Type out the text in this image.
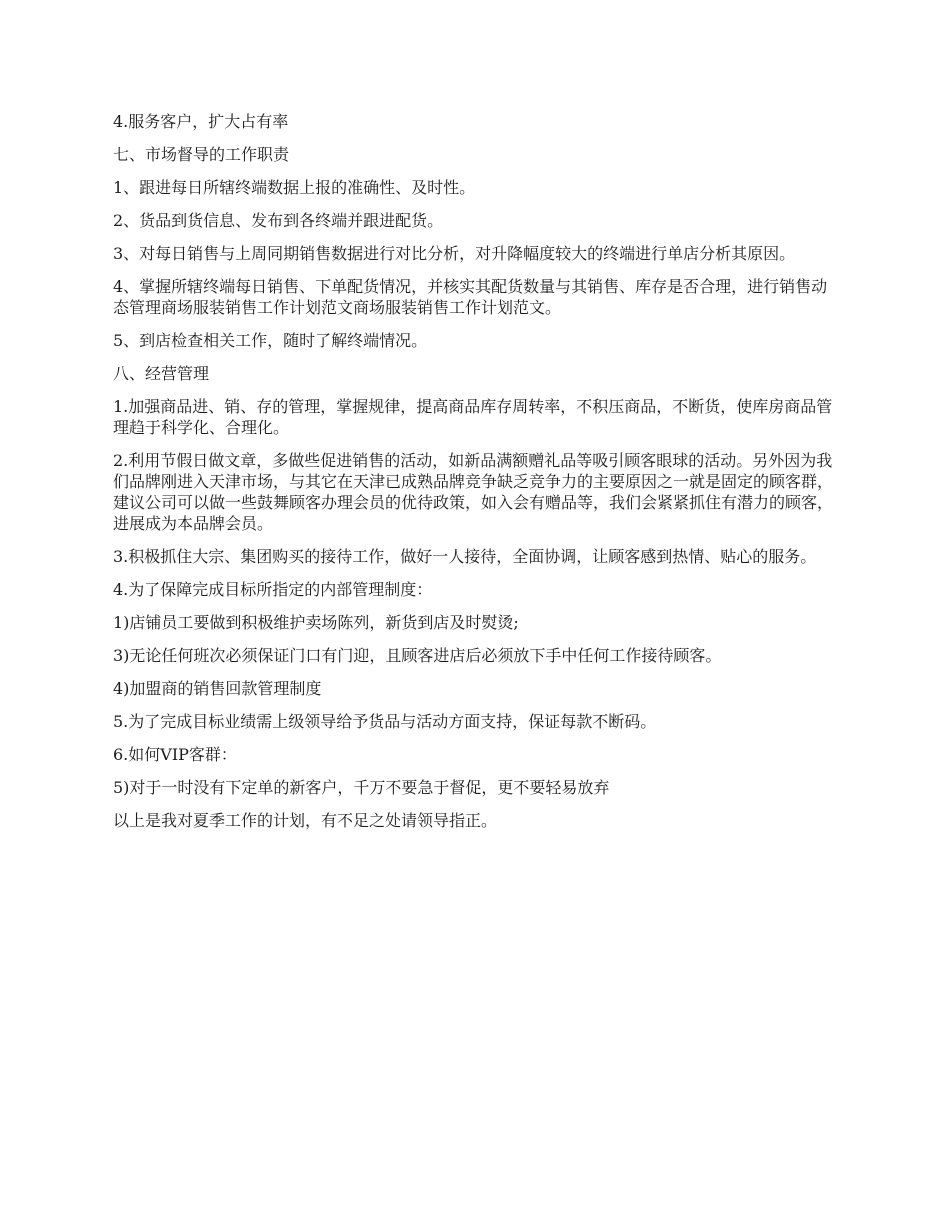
4.服务客户，扩大占有率

七、市场督导的工作职责

1、跟进每日所辖终端数据上报的准确性、及时性。

2、货品到货信息、发布到各终端并跟进配货。

3、对每日销售与上周同期销售数据进行对比分析，对升降幅度较大的终端进行单店分析其原因。

4、掌握所辖终端每日销售、下单配货情况，并核实其配货数量与其销售、库存是否合理，进行销售动态管理商场服装销售工作计划范文商场服装销售工作计划范文。

5、到店检查相关工作，随时了解终端情况。

八、经营管理

1.加强商品进、销、存的管理，掌握规律，提高商品库存周转率，不积压商品，不断货，使库房商品管理趋于科学化、合理化。

2.利用节假日做文章，多做些促进销售的活动，如新品满额赠礼品等吸引顾客眼球的活动。另外因为我们品牌刚进入天津市场，与其它在天津已成熟品牌竞争缺乏竞争力的主要原因之一就是固定的顾客群，建议公司可以做一些鼓舞顾客办理会员的优待政策，如入会有赠品等，我们会紧紧抓住有潜力的顾客，进展成为本品牌会员。

3.积极抓住大宗、集团购买的接待工作，做好一人接待，全面协调，让顾客感到热情、贴心的服务。

4.为了保障完成目标所指定的内部管理制度：

1)店铺员工要做到积极维护卖场陈列，新货到店及时熨烫;

3)无论任何班次必须保证门口有门迎，且顾客进店后必须放下手中任何工作接待顾客。

4)加盟商的销售回款管理制度

5.为了完成目标业绩需上级领导给予货品与活动方面支持，保证每款不断码。

6.如何VIP客群：

5)对于一时没有下定单的新客户，千万不要急于督促，更不要轻易放弃

以上是我对夏季工作的计划，有不足之处请领导指正。
